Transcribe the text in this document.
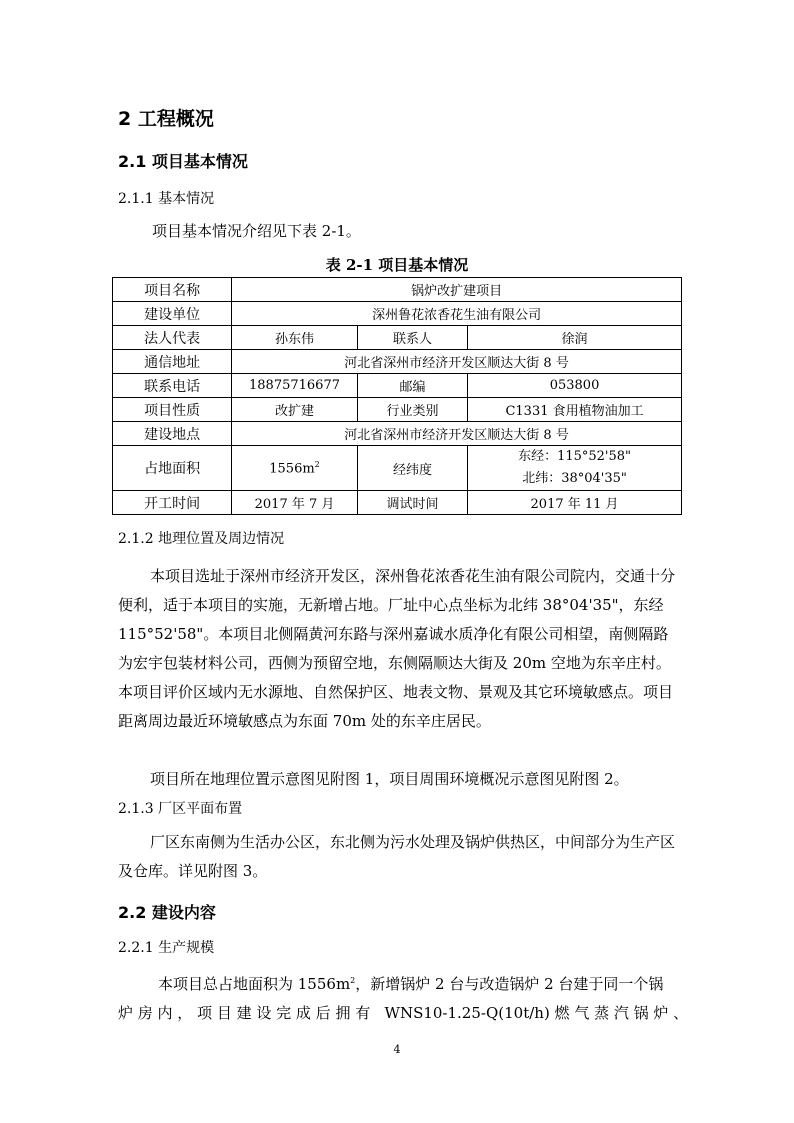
2 工程概况
2.1 项目基本情况
2.1.1 基本情况
项目基本情况介绍见下表 2-1。
表 2-1 项目基本情况
项目名称	锅炉改扩建项目		
建设单位	深州鲁花浓香花生油有限公司		
法人代表	孙东伟	联系人	徐润
通信地址	河北省深州市经济开发区顺达大街 8 号		
联系电话	18875716677	邮编	053800
项目性质	改扩建	行业类别	C1331 食用植物油加工
建设地点	河北省深州市经济开发区顺达大街 8 号		
占地面积	$1556m^2$	经纬度	东经：115°52'58"
北纬：38°04'35"

开工时间	2017 年 7 月	调试时间	2017 年 11 月
2.1.2 地理位置及周边情况
本项目选址于深州市经济开发区，深州鲁花浓香花生油有限公司院内，交通十分便利，适于本项目的实施，无新增占地。厂址中心点坐标为北纬 38°04'35"，东经 115°52'58"。本项目北侧隔黄河东路与深州嘉诚水质净化有限公司相望，南侧隔路为宏宇包装材料公司，西侧为预留空地，东侧隔顺达大街及 20m 空地为东辛庄村。本项目评价区域内无水源地、自然保护区、地表文物、景观及其它环境敏感点。项目距离周边最近环境敏感点为东面 70m 处的东辛庄居民。
项目所在地理位置示意图见附图 1，项目周围环境概况示意图见附图 2。
2.1.3 厂区平面布置
厂区东南侧为生活办公区，东北侧为污水处理及锅炉供热区，中间部分为生产区及仓库。详见附图 3。
2.2 建设内容
2.2.1 生产规模
本项目总占地面积为 $1556m^2$，新增锅炉 2 台与改造锅炉 2 台建于同一个锅
炉 房 内 ， 项 目 建 设 完 成 后 拥 有   WNS10-1.25-Q(10t/h) 燃 气 蒸 汽 锅 炉 、
4
